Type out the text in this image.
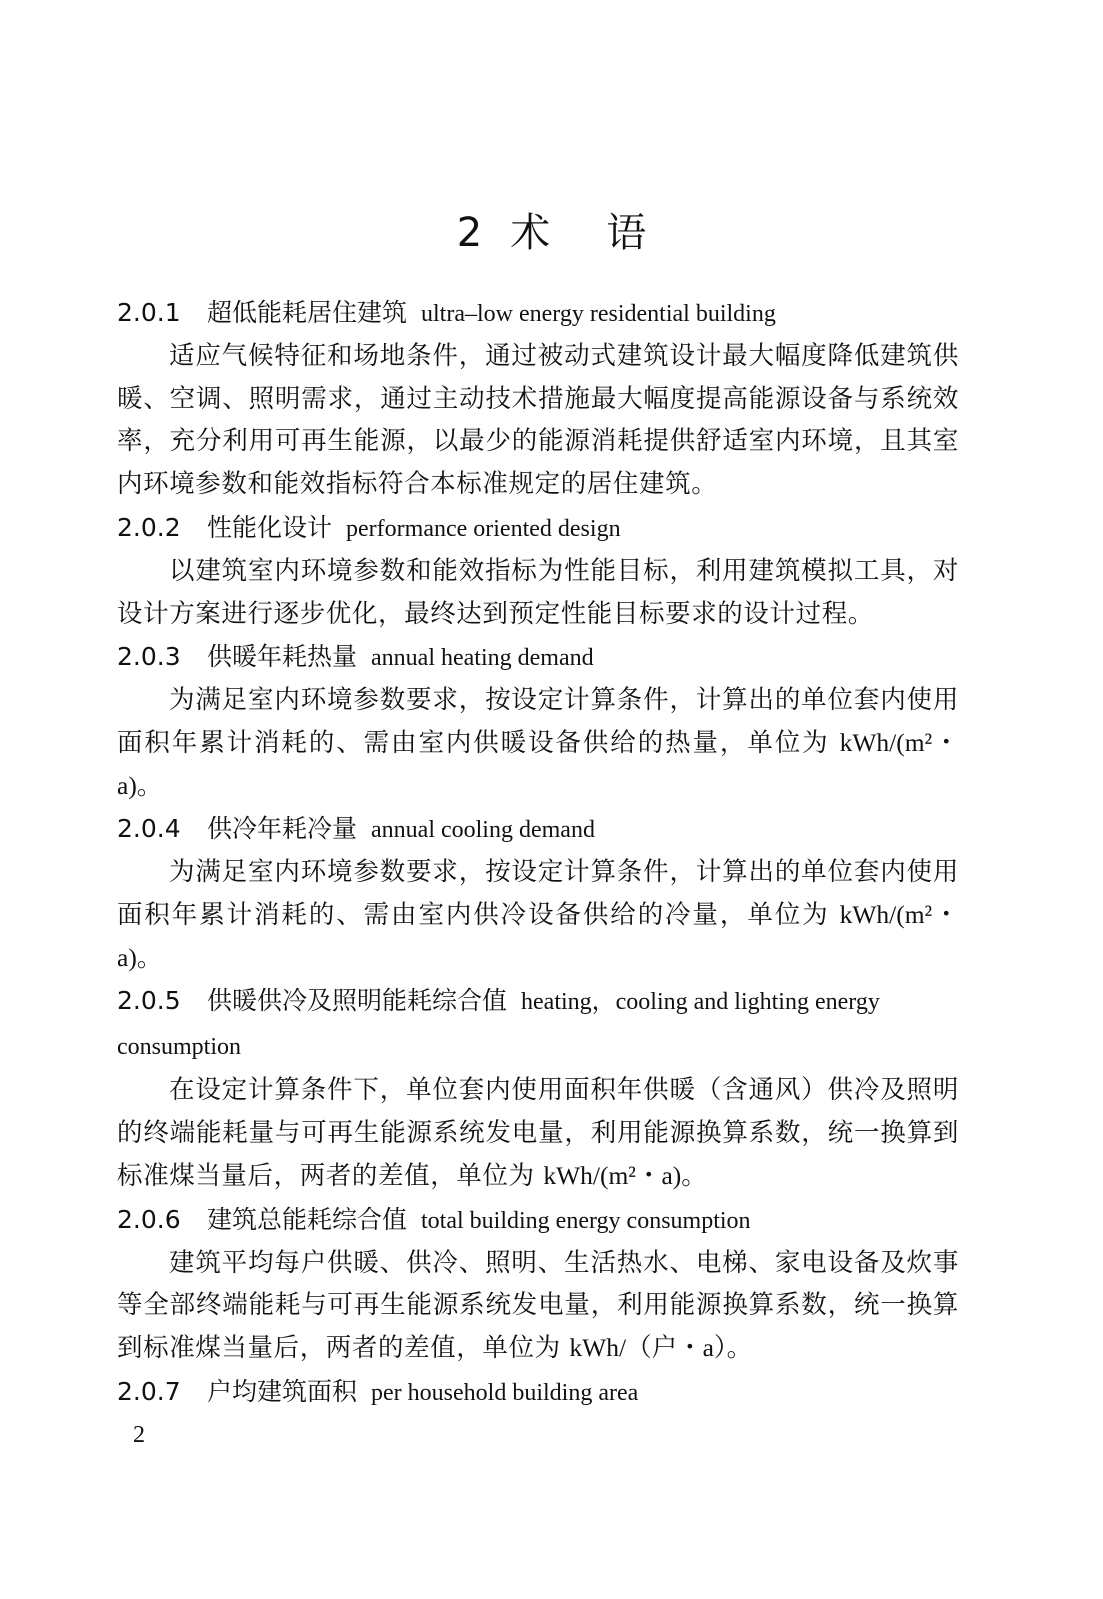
2 术 语
2.0.1 超低能耗居住建筑 ultra–low energy residential building

适应气候特征和场地条件，通过被动式建筑设计最大幅度降低建筑供暖、空调、照明需求，通过主动技术措施最大幅度提高能源设备与系统效率，充分利用可再生能源，以最少的能源消耗提供舒适室内环境，且其室内环境参数和能效指标符合本标准规定的居住建筑。

2.0.2 性能化设计 performance oriented design

以建筑室内环境参数和能效指标为性能目标，利用建筑模拟工具，对设计方案进行逐步优化，最终达到预定性能目标要求的设计过程。

2.0.3 供暖年耗热量 annual heating demand

为满足室内环境参数要求，按设定计算条件，计算出的单位套内使用面积年累计消耗的、需由室内供暖设备供给的热量，单位为 kWh/(m²・a)。

2.0.4 供冷年耗冷量 annual cooling demand

为满足室内环境参数要求，按设定计算条件，计算出的单位套内使用面积年累计消耗的、需由室内供冷设备供给的冷量，单位为 kWh/(m²・a)。

2.0.5 供暖供冷及照明能耗综合值 heating，cooling and lighting energy consumption

在设定计算条件下，单位套内使用面积年供暖（含通风）供冷及照明的终端能耗量与可再生能源系统发电量，利用能源换算系数，统一换算到标准煤当量后，两者的差值，单位为 kWh/(m²・a)。

2.0.6 建筑总能耗综合值 total building energy consumption

建筑平均每户供暖、供冷、照明、生活热水、电梯、家电设备及炊事等全部终端能耗与可再生能源系统发电量，利用能源换算系数，统一换算到标准煤当量后，两者的差值，单位为 kWh/（户・a）。

2.0.7 户均建筑面积 per household building area
2
